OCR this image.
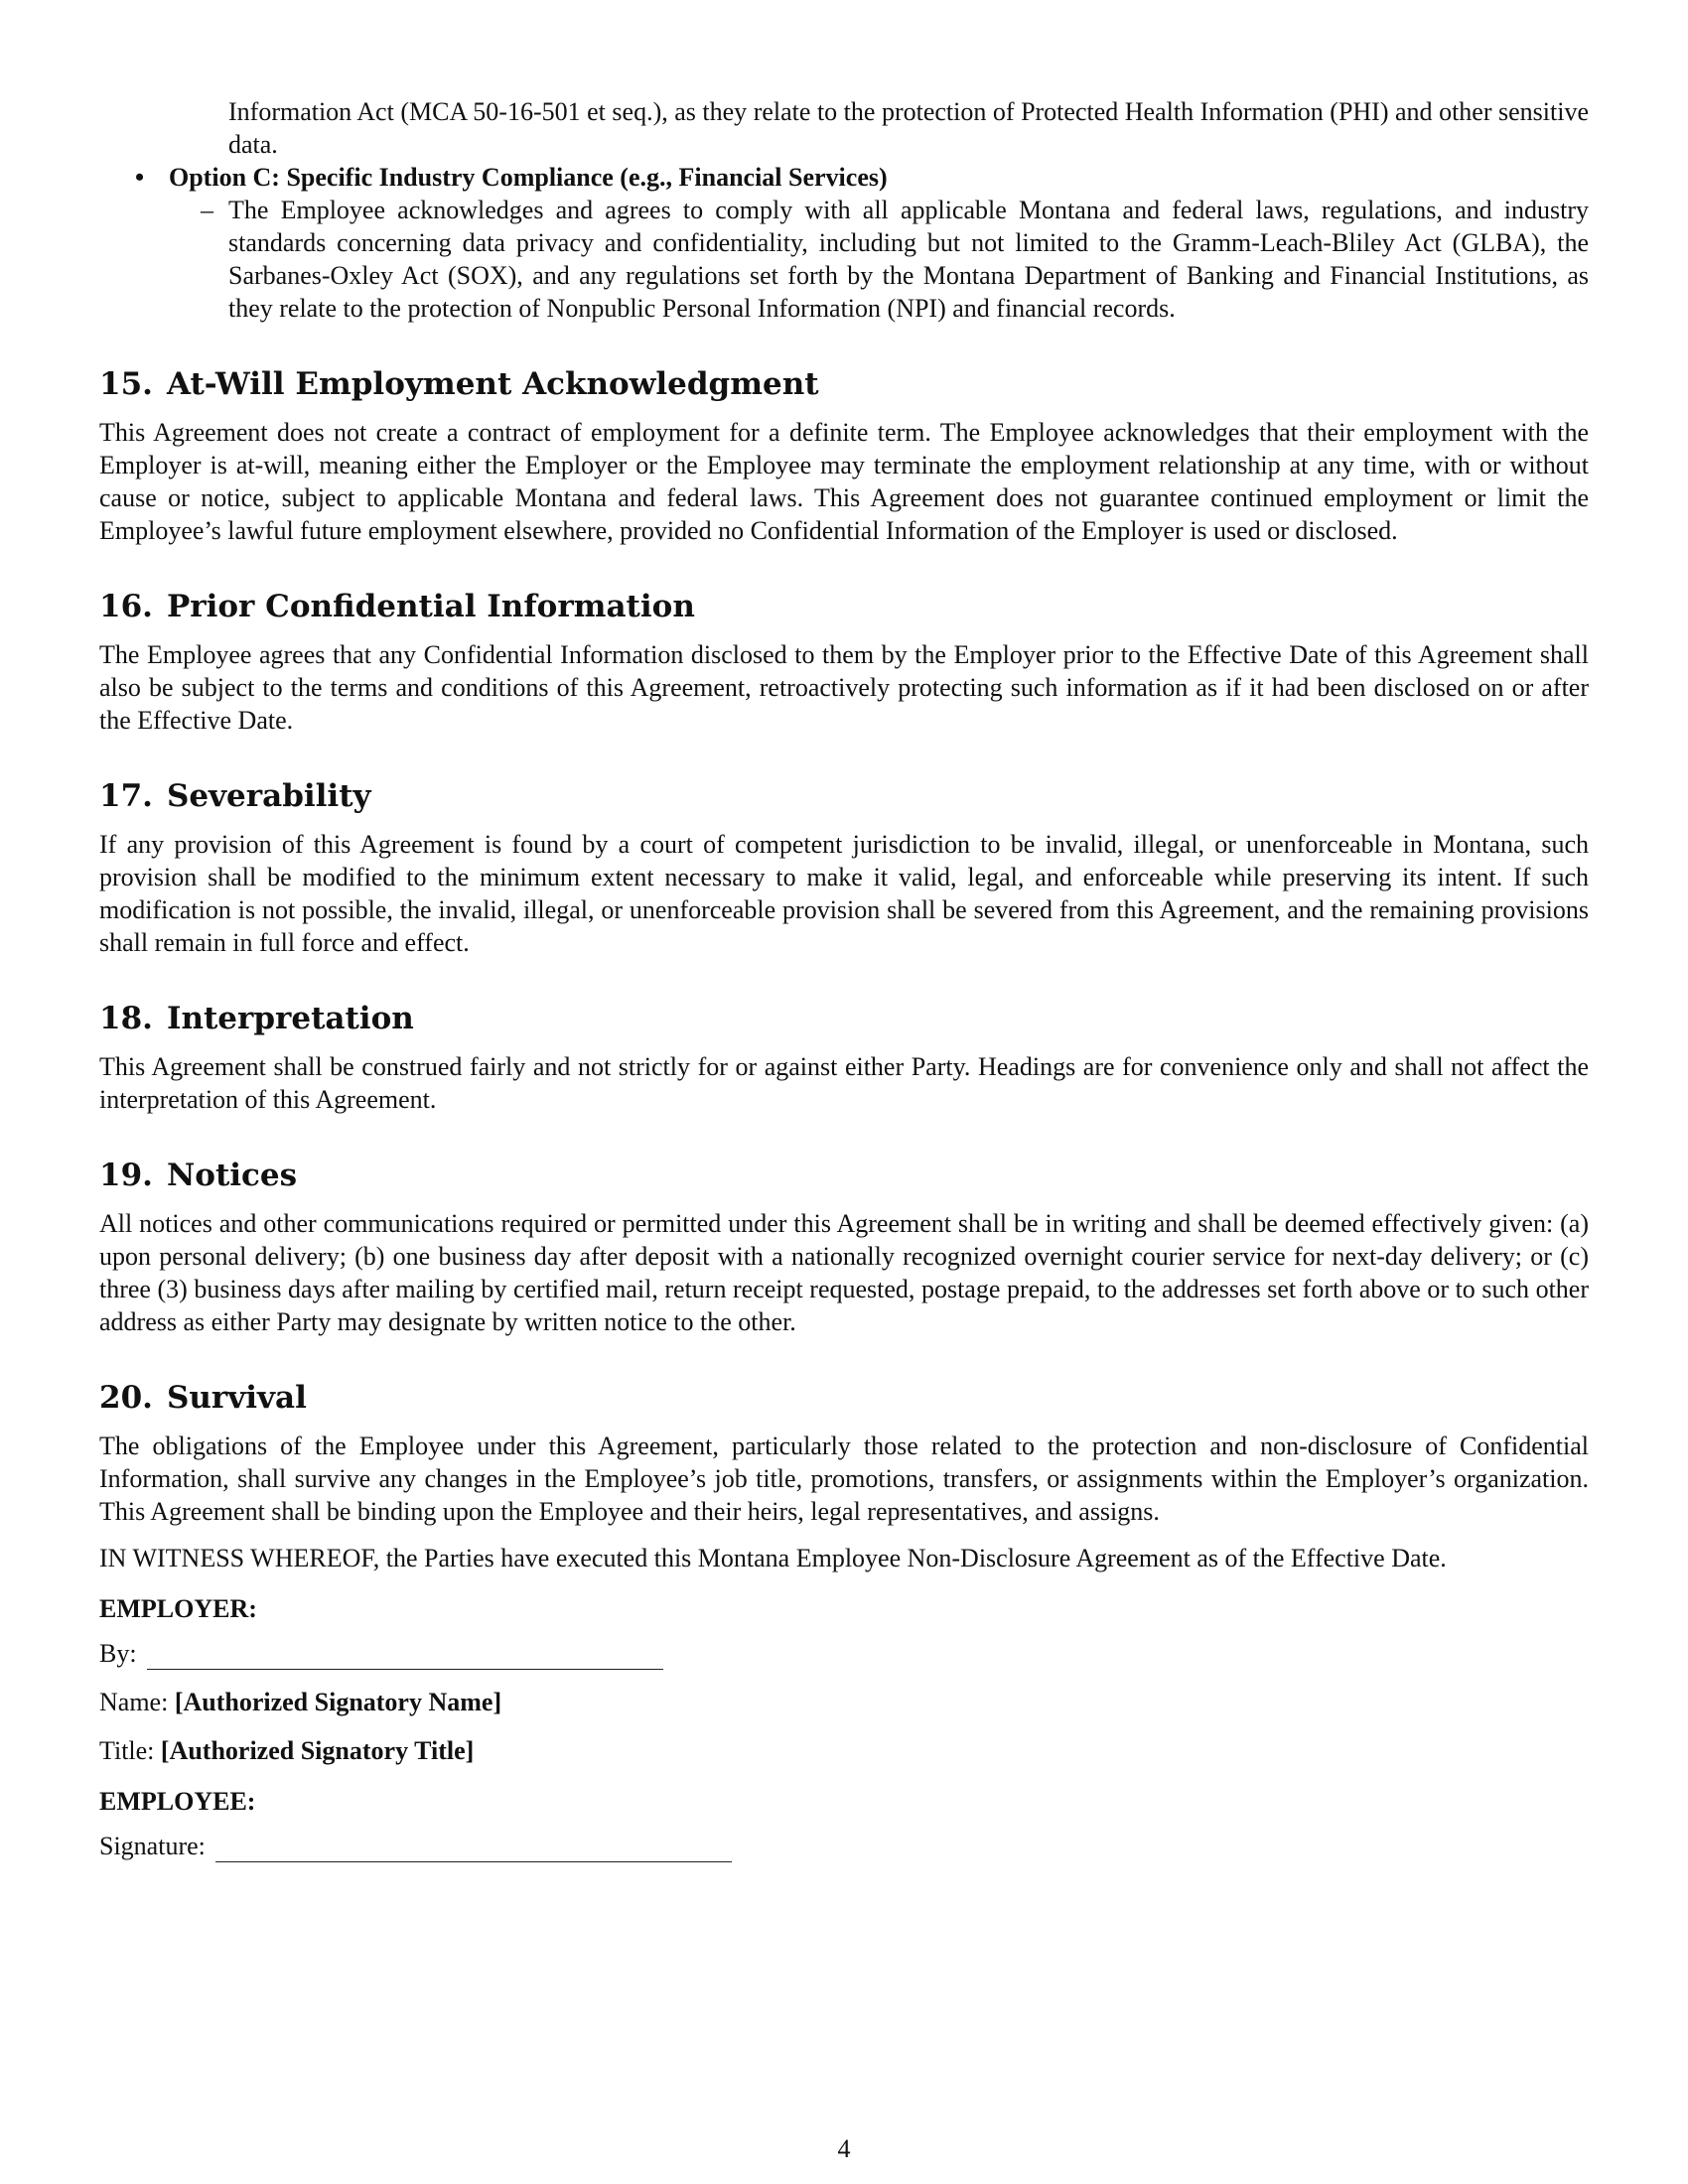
Information Act (MCA 50-16-501 et seq.), as they relate to the protection of Protected Health Information (PHI) and other sensitive data.
• Option C: Specific Industry Compliance (e.g., Financial Services)
– The Employee acknowledges and agrees to comply with all applicable Montana and federal laws, regulations, and industry standards concerning data privacy and confidentiality, including but not limited to the Gramm-Leach-Bliley Act (GLBA), the Sarbanes-Oxley Act (SOX), and any regulations set forth by the Montana Department of Banking and Financial Institutions, as they relate to the protection of Nonpublic Personal Information (NPI) and financial records.
15. At-Will Employment Acknowledgment

This Agreement does not create a contract of employment for a definite term. The Employee acknowledges that their employment with the Employer is at-will, meaning either the Employer or the Employee may terminate the employment relationship at any time, with or without cause or notice, subject to applicable Montana and federal laws. This Agreement does not guarantee continued employment or limit the Employee’s lawful future employment elsewhere, provided no Confidential Information of the Employer is used or disclosed.

16. Prior Confidential Information

The Employee agrees that any Confidential Information disclosed to them by the Employer prior to the Effective Date of this Agreement shall also be subject to the terms and conditions of this Agreement, retroactively protecting such information as if it had been disclosed on or after the Effective Date.

17. Severability

If any provision of this Agreement is found by a court of competent jurisdiction to be invalid, illegal, or unenforceable in Montana, such provision shall be modified to the minimum extent necessary to make it valid, legal, and enforceable while preserving its intent. If such modification is not possible, the invalid, illegal, or unenforceable provision shall be severed from this Agreement, and the remaining provisions shall remain in full force and effect.

18. Interpretation

This Agreement shall be construed fairly and not strictly for or against either Party. Headings are for convenience only and shall not affect the interpretation of this Agreement.

19. Notices

All notices and other communications required or permitted under this Agreement shall be in writing and shall be deemed effectively given: (a) upon personal delivery; (b) one business day after deposit with a nationally recognized overnight courier service for next-day delivery; or (c) three (3) business days after mailing by certified mail, return receipt requested, postage prepaid, to the addresses set forth above or to such other address as either Party may designate by written notice to the other.

20. Survival

The obligations of the Employee under this Agreement, particularly those related to the protection and non-disclosure of Confidential Information, shall survive any changes in the Employee’s job title, promotions, transfers, or assignments within the Employer’s organization. This Agreement shall be binding upon the Employee and their heirs, legal representatives, and assigns.

IN WITNESS WHEREOF, the Parties have executed this Montana Employee Non-Disclosure Agreement as of the Effective Date.

EMPLOYER:
By:
Name:
[Authorized Signatory Name]
Title:
[Authorized Signatory Title]
EMPLOYEE:
Signature:
4
